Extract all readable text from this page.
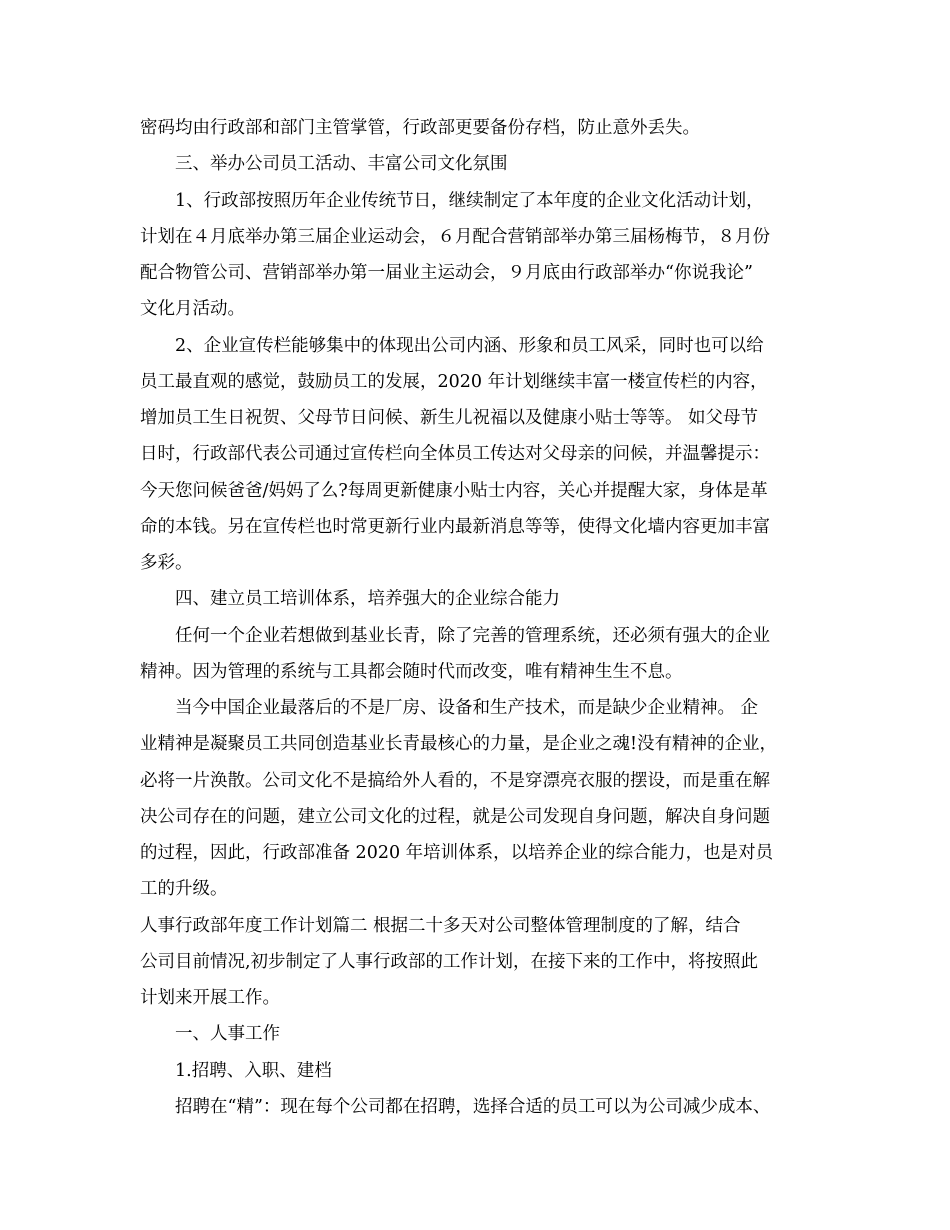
密码均由行政部和部门主管掌管，行政部更要备份存档，防止意外丢失。
三、举办公司员工活动、丰富公司文化氛围
1、行政部按照历年企业传统节日，继续制定了本年度的企业文化活动计划，
计划在４月底举办第三届企业运动会，６月配合营销部举办第三届杨梅节，８月份
配合物管公司、营销部举办第一届业主运动会，９月底由行政部举办“你说我论”
文化月活动。
2、企业宣传栏能够集中的体现出公司内涵、形象和员工风采，同时也可以给
员工最直观的感觉，鼓励员工的发展，2020 年计划继续丰富一楼宣传栏的内容，
增加员工生日祝贺、父母节日问候、新生儿祝福以及健康小贴士等等。 如父母节
日时，行政部代表公司通过宣传栏向全体员工传达对父母亲的问候，并温馨提示：
今天您问候爸爸/妈妈了么?每周更新健康小贴士内容，关心并提醒大家，身体是革
命的本钱。另在宣传栏也时常更新行业内最新消息等等，使得文化墙内容更加丰富
多彩。
四、建立员工培训体系，培养强大的企业综合能力
任何一个企业若想做到基业长青，除了完善的管理系统，还必须有强大的企业
精神。因为管理的系统与工具都会随时代而改变，唯有精神生生不息。
当今中国企业最落后的不是厂房、设备和生产技术，而是缺少企业精神。 企
业精神是凝聚员工共同创造基业长青最核心的力量，是企业之魂!没有精神的企业，
必将一片涣散。公司文化不是搞给外人看的，不是穿漂亮衣服的摆设，而是重在解
决公司存在的问题，建立公司文化的过程，就是公司发现自身问题，解决自身问题
的过程，因此，行政部准备 2020 年培训体系，以培养企业的综合能力，也是对员
工的升级。
人事行政部年度工作计划篇二 根据二十多天对公司整体管理制度的了解，结合
公司目前情况,初步制定了人事行政部的工作计划，在接下来的工作中，将按照此
计划来开展工作。
一、人事工作
1.招聘、入职、建档
招聘在“精”：现在每个公司都在招聘，选择合适的员工可以为公司减少成本、
